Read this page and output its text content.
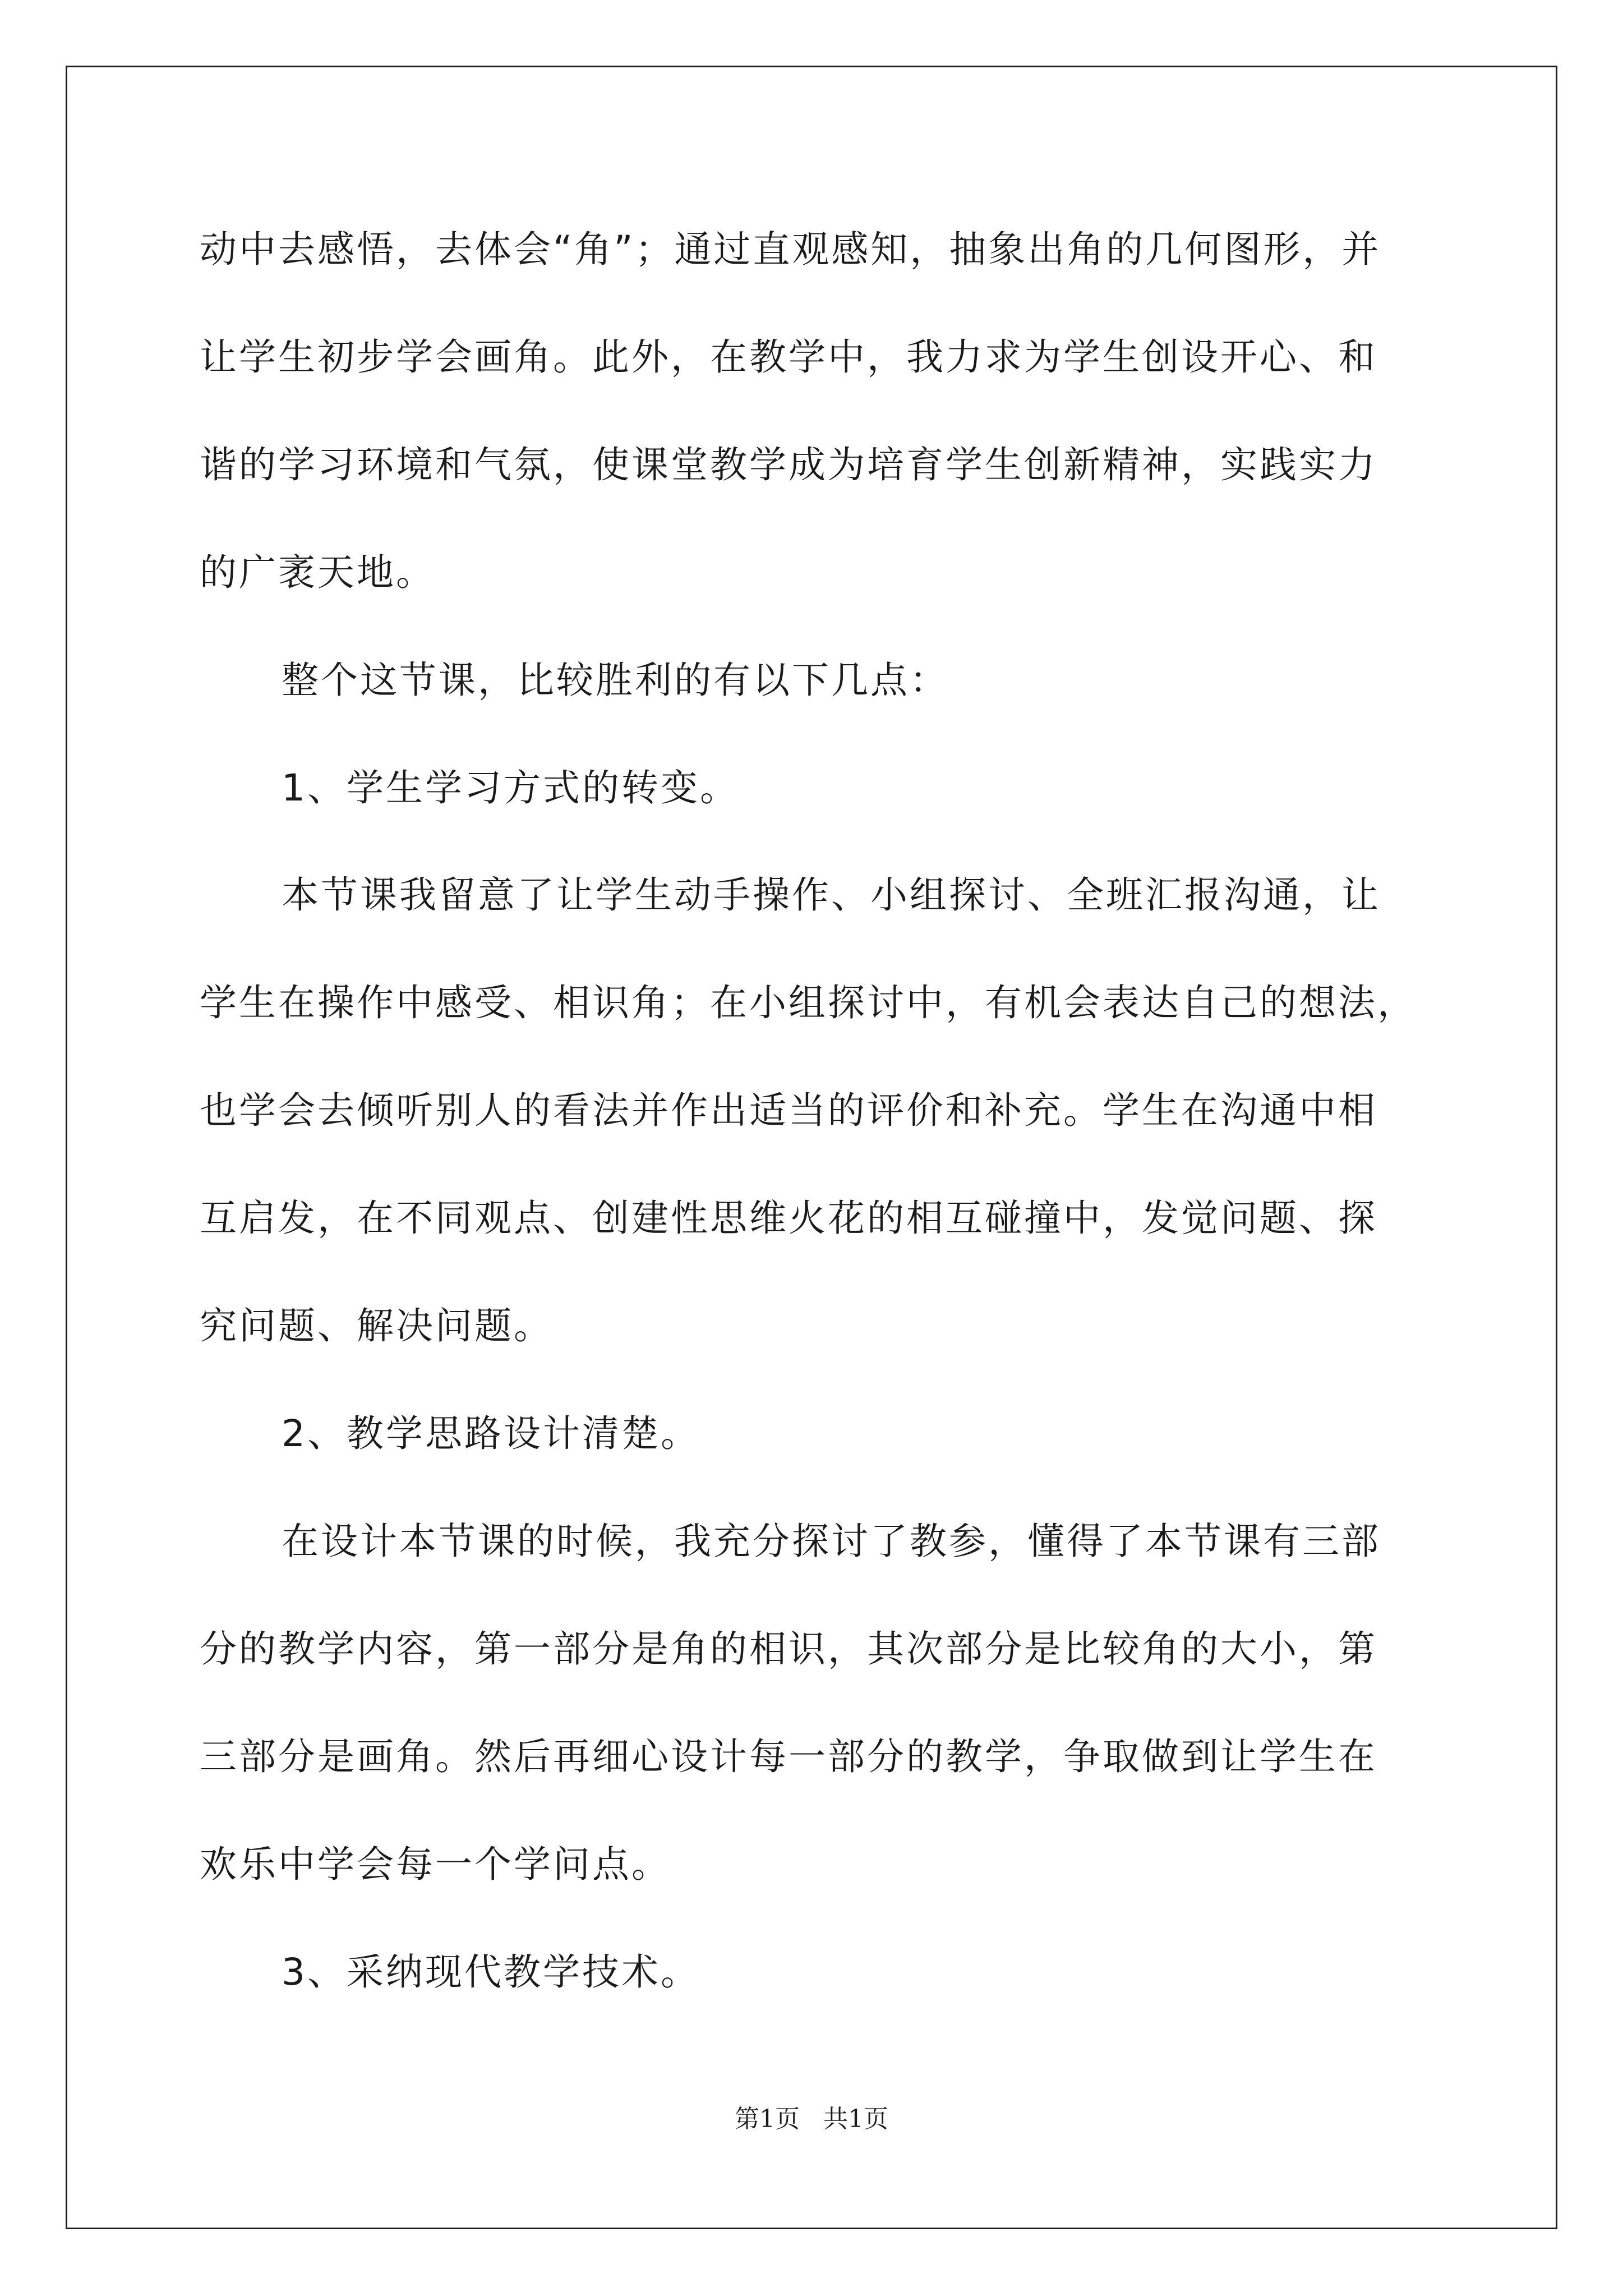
动中去感悟，去体会“角”；通过直观感知，抽象出角的几何图形，并
让学生初步学会画角。此外，在教学中，我力求为学生创设开心、和
谐的学习环境和气氛，使课堂教学成为培育学生创新精神，实践实力
的广袤天地。
整个这节课，比较胜利的有以下几点：
1、学生学习方式的转变。
本节课我留意了让学生动手操作、小组探讨、全班汇报沟通，让
学生在操作中感受、相识角；在小组探讨中，有机会表达自己的想法，
也学会去倾听别人的看法并作出适当的评价和补充。学生在沟通中相
互启发，在不同观点、创建性思维火花的相互碰撞中，发觉问题、探
究问题、解决问题。
2、教学思路设计清楚。
在设计本节课的时候，我充分探讨了教参，懂得了本节课有三部
分的教学内容，第一部分是角的相识，其次部分是比较角的大小，第
三部分是画角。然后再细心设计每一部分的教学，争取做到让学生在
欢乐中学会每一个学问点。
3、采纳现代教学技术。
第1页 共1页
